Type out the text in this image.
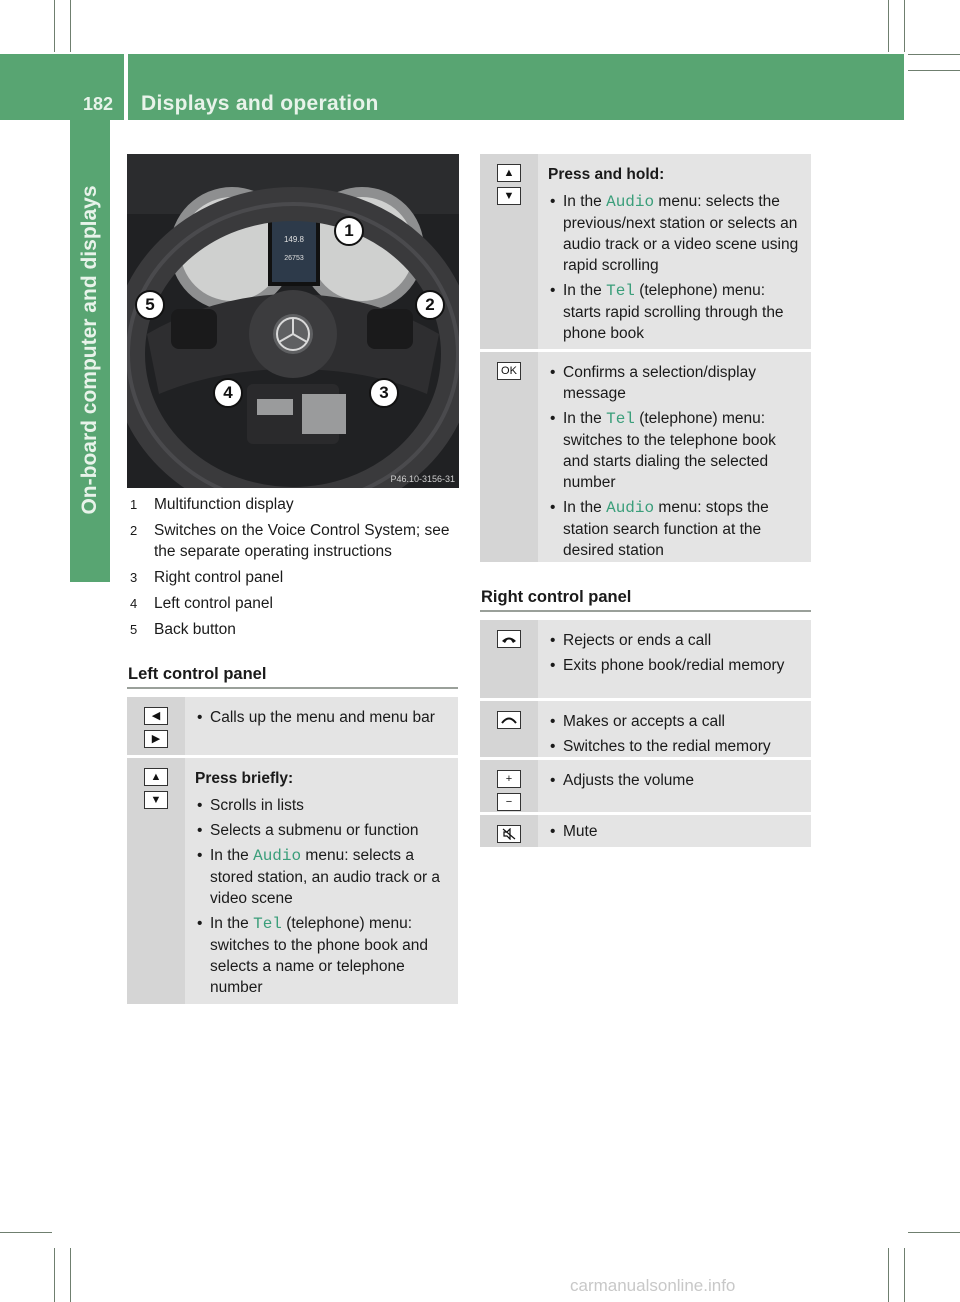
182 Displays and operation
On-board computer and displays	149.8
26753
P46.10-3156-31
1
2
3
4
5
1 Multifunction display
2 Switches on the Voice Control System; see the separate operating instructions
3 Right control panel
4 Left control panel
5 Back button
Left control panel
◀
▶
• Calls up the menu and menu bar
▲
▼
Press briefly:
• Scrolls in lists
• Selects a submenu or function
• In the Audio menu: selects a stored station, an audio track or a video scene
• In the Tel (telephone) menu: switches to the phone book and selects a name or telephone number
▲
▼
Press and hold:
• In the Audio menu: selects the previous/next station or selects an audio track or a video scene using rapid scrolling
• In the Tel (telephone) menu: starts rapid scrolling through the phone book
OK
•	Confirms a selection/display message
• In the Tel (telephone) menu: switches to the telephone book and starts dialing the selected number
• In the Audio menu: stops the station search function at the desired station
Right control panel
• Rejects or ends a call
• Exits phone book/redial memory
• Makes or accepts a call
• Switches to the redial memory
+
−
• Adjusts the volume
• Mute
carmanualsonline.info
